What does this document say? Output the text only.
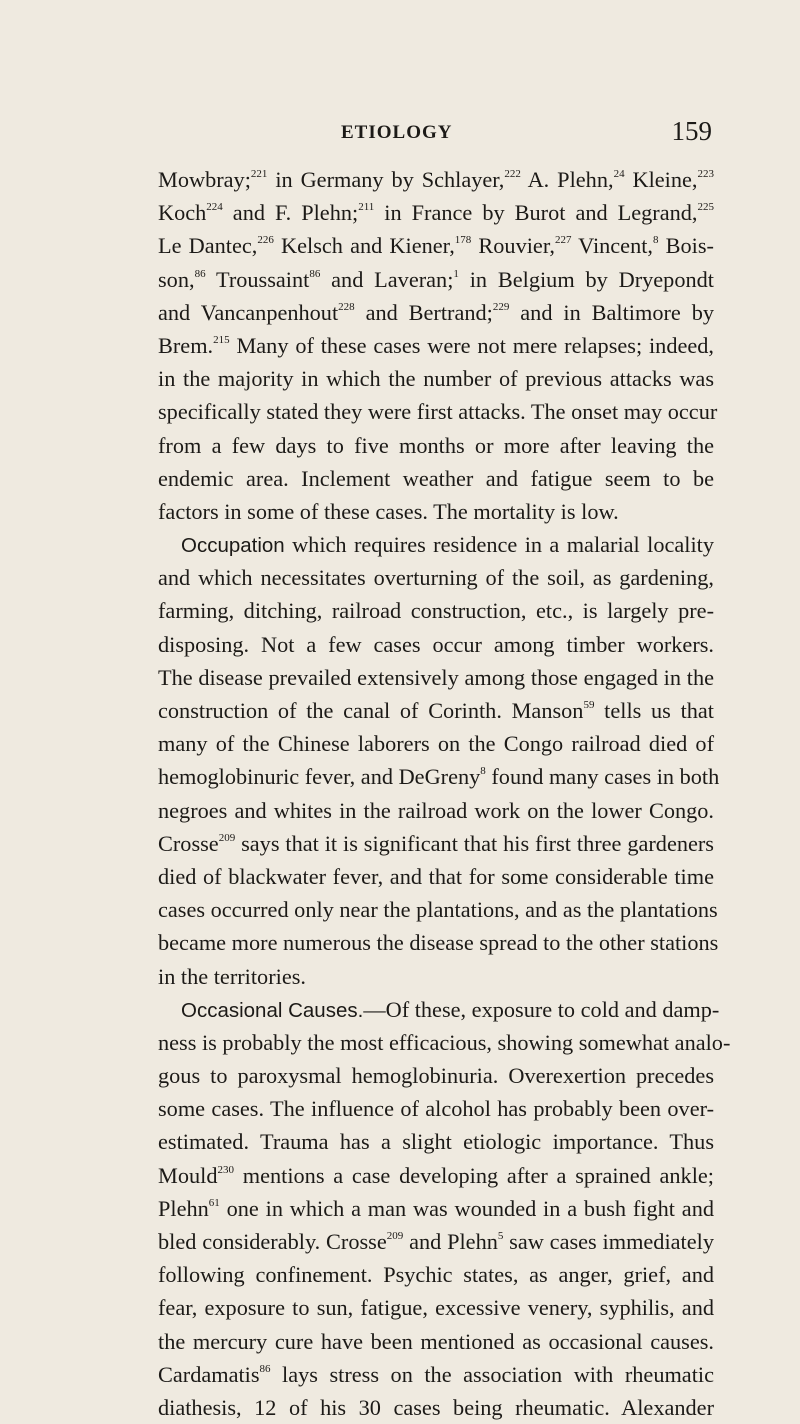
ETIOLOGY	159
Mowbray;$^{221}$ in Germany by Schlayer,$^{222}$ A. Plehn,$^{24}$ Kleine,$^{223}$
Koch$^{224}$ and F. Plehn;$^{211}$ in France by Burot and Legrand,$^{225}$
Le Dantec,$^{226}$ Kelsch and Kiener,$^{178}$ Rouvier,$^{227}$ Vincent,$^8$ Bois-
son,$^{86}$ Troussaint$^{86}$ and Laveran;$^1$ in Belgium by Dryepondt
and Vancanpenhout$^{228}$ and Bertrand;$^{229}$ and in Baltimore by
Brem.$^{215}$ Many of these cases were not mere relapses; indeed,
in the majority in which the number of previous attacks was
specifically stated they were first attacks. The onset may occur
from a few days to five months or more after leaving the
endemic area. Inclement weather and fatigue seem to be
factors in some of these cases. The mortality is low.
Occupation which requires residence in a malarial locality
and which necessitates overturning of the soil, as gardening,
farming, ditching, railroad construction, etc., is largely pre-
disposing. Not a few cases occur among timber workers.
The disease prevailed extensively among those engaged in the
construction of the canal of Corinth. Manson$^{59}$ tells us that
many of the Chinese laborers on the Congo railroad died of
hemoglobinuric fever, and DeGreny$^8$ found many cases in both
negroes and whites in the railroad work on the lower Congo.
Crosse$^{209}$ says that it is significant that his first three gardeners
died of blackwater fever, and that for some considerable time
cases occurred only near the plantations, and as the plantations
became more numerous the disease spread to the other stations
in the territories.
Occasional Causes.—Of these, exposure to cold and damp-
ness is probably the most efficacious, showing somewhat analo-
gous to paroxysmal hemoglobinuria. Overexertion precedes
some cases. The influence of alcohol has probably been over-
estimated. Trauma has a slight etiologic importance. Thus
Mould$^{230}$ mentions a case developing after a sprained ankle;
Plehn$^{61}$ one in which a man was wounded in a bush fight and
bled considerably. Crosse$^{209}$ and Plehn$^5$ saw cases immediately
following confinement. Psychic states, as anger, grief, and
fear, exposure to sun, fatigue, excessive venery, syphilis, and
the mercury cure have been mentioned as occasional causes.
Cardamatis$^{86}$ lays stress on the association with rheumatic
diathesis, 12 of his 30 cases being rheumatic. Alexander
